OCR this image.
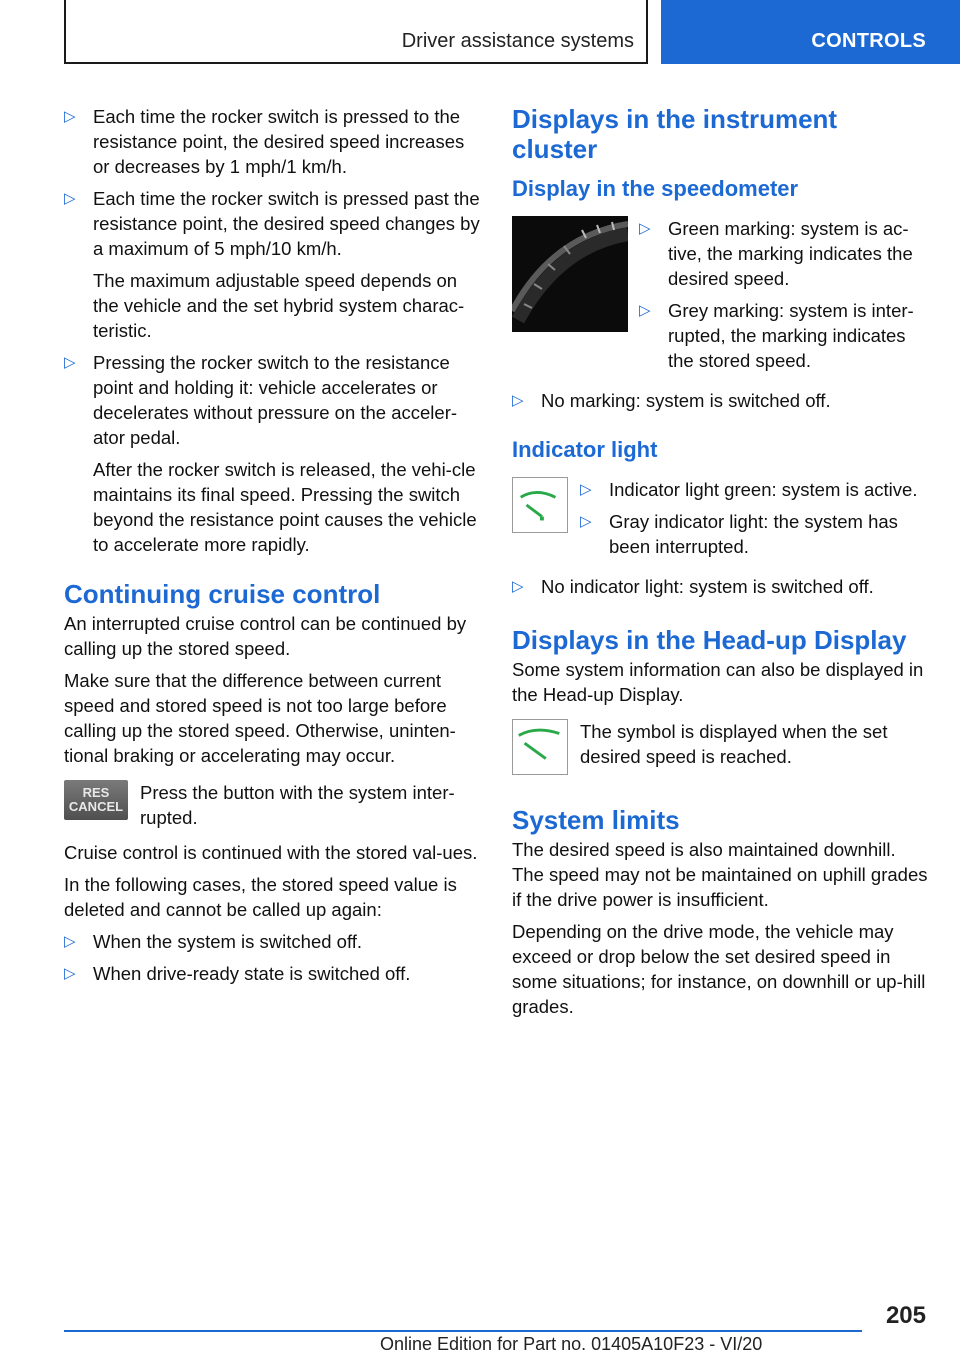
Driver assistance systems	CONTROLS
▷ Each time the rocker switch is pressed to the resistance point, the desired speed increases or decreases by 1 mph/1 km/h.
▷ Each time the rocker switch is pressed past the resistance point, the desired speed changes by a maximum of 5 mph/10 km/h.
The maximum adjustable speed depends on the vehicle and the set hybrid system charac-teristic.
▷ Pressing the rocker switch to the resistance point and holding it: vehicle accelerates or decelerates without pressure on the acceler-ator pedal.
After the rocker switch is released, the vehi-cle maintains its final speed. Pressing the switch beyond the resistance point causes the vehicle to accelerate more rapidly.
Continuing cruise control

An interrupted cruise control can be continued by calling up the stored speed.

Make sure that the difference between current speed and stored speed is not too large before calling up the stored speed. Otherwise, uninten-tional braking or accelerating may occur.

RES
CANCEL
Press the button with the system inter-rupted.

Cruise control is continued with the stored val-ues.

In the following cases, the stored speed value is deleted and cannot be called up again:

▷ When the system is switched off.
▷ When drive-ready state is switched off.
Displays in the instrument cluster
Display in the speedometer
▷ Green marking: system is ac-tive, the marking indicates the desired speed.
▷ Grey marking: system is inter-rupted, the marking indicates the stored speed.
▷ No marking: system is switched off.
Indicator light
▷ Indicator light green: system is active.
▷ Gray indicator light: the system has been interrupted.
▷ No indicator light: system is switched off.
Displays in the Head-up Display

Some system information can also be displayed in the Head-up Display.

The symbol is displayed when the set desired speed is reached.
System limits

The desired speed is also maintained downhill. The speed may not be maintained on uphill grades if the drive power is insufficient.

Depending on the drive mode, the vehicle may exceed or drop below the set desired speed in some situations; for instance, on downhill or up-hill grades.

205
Online Edition for Part no. 01405A10F23 - VI/20
